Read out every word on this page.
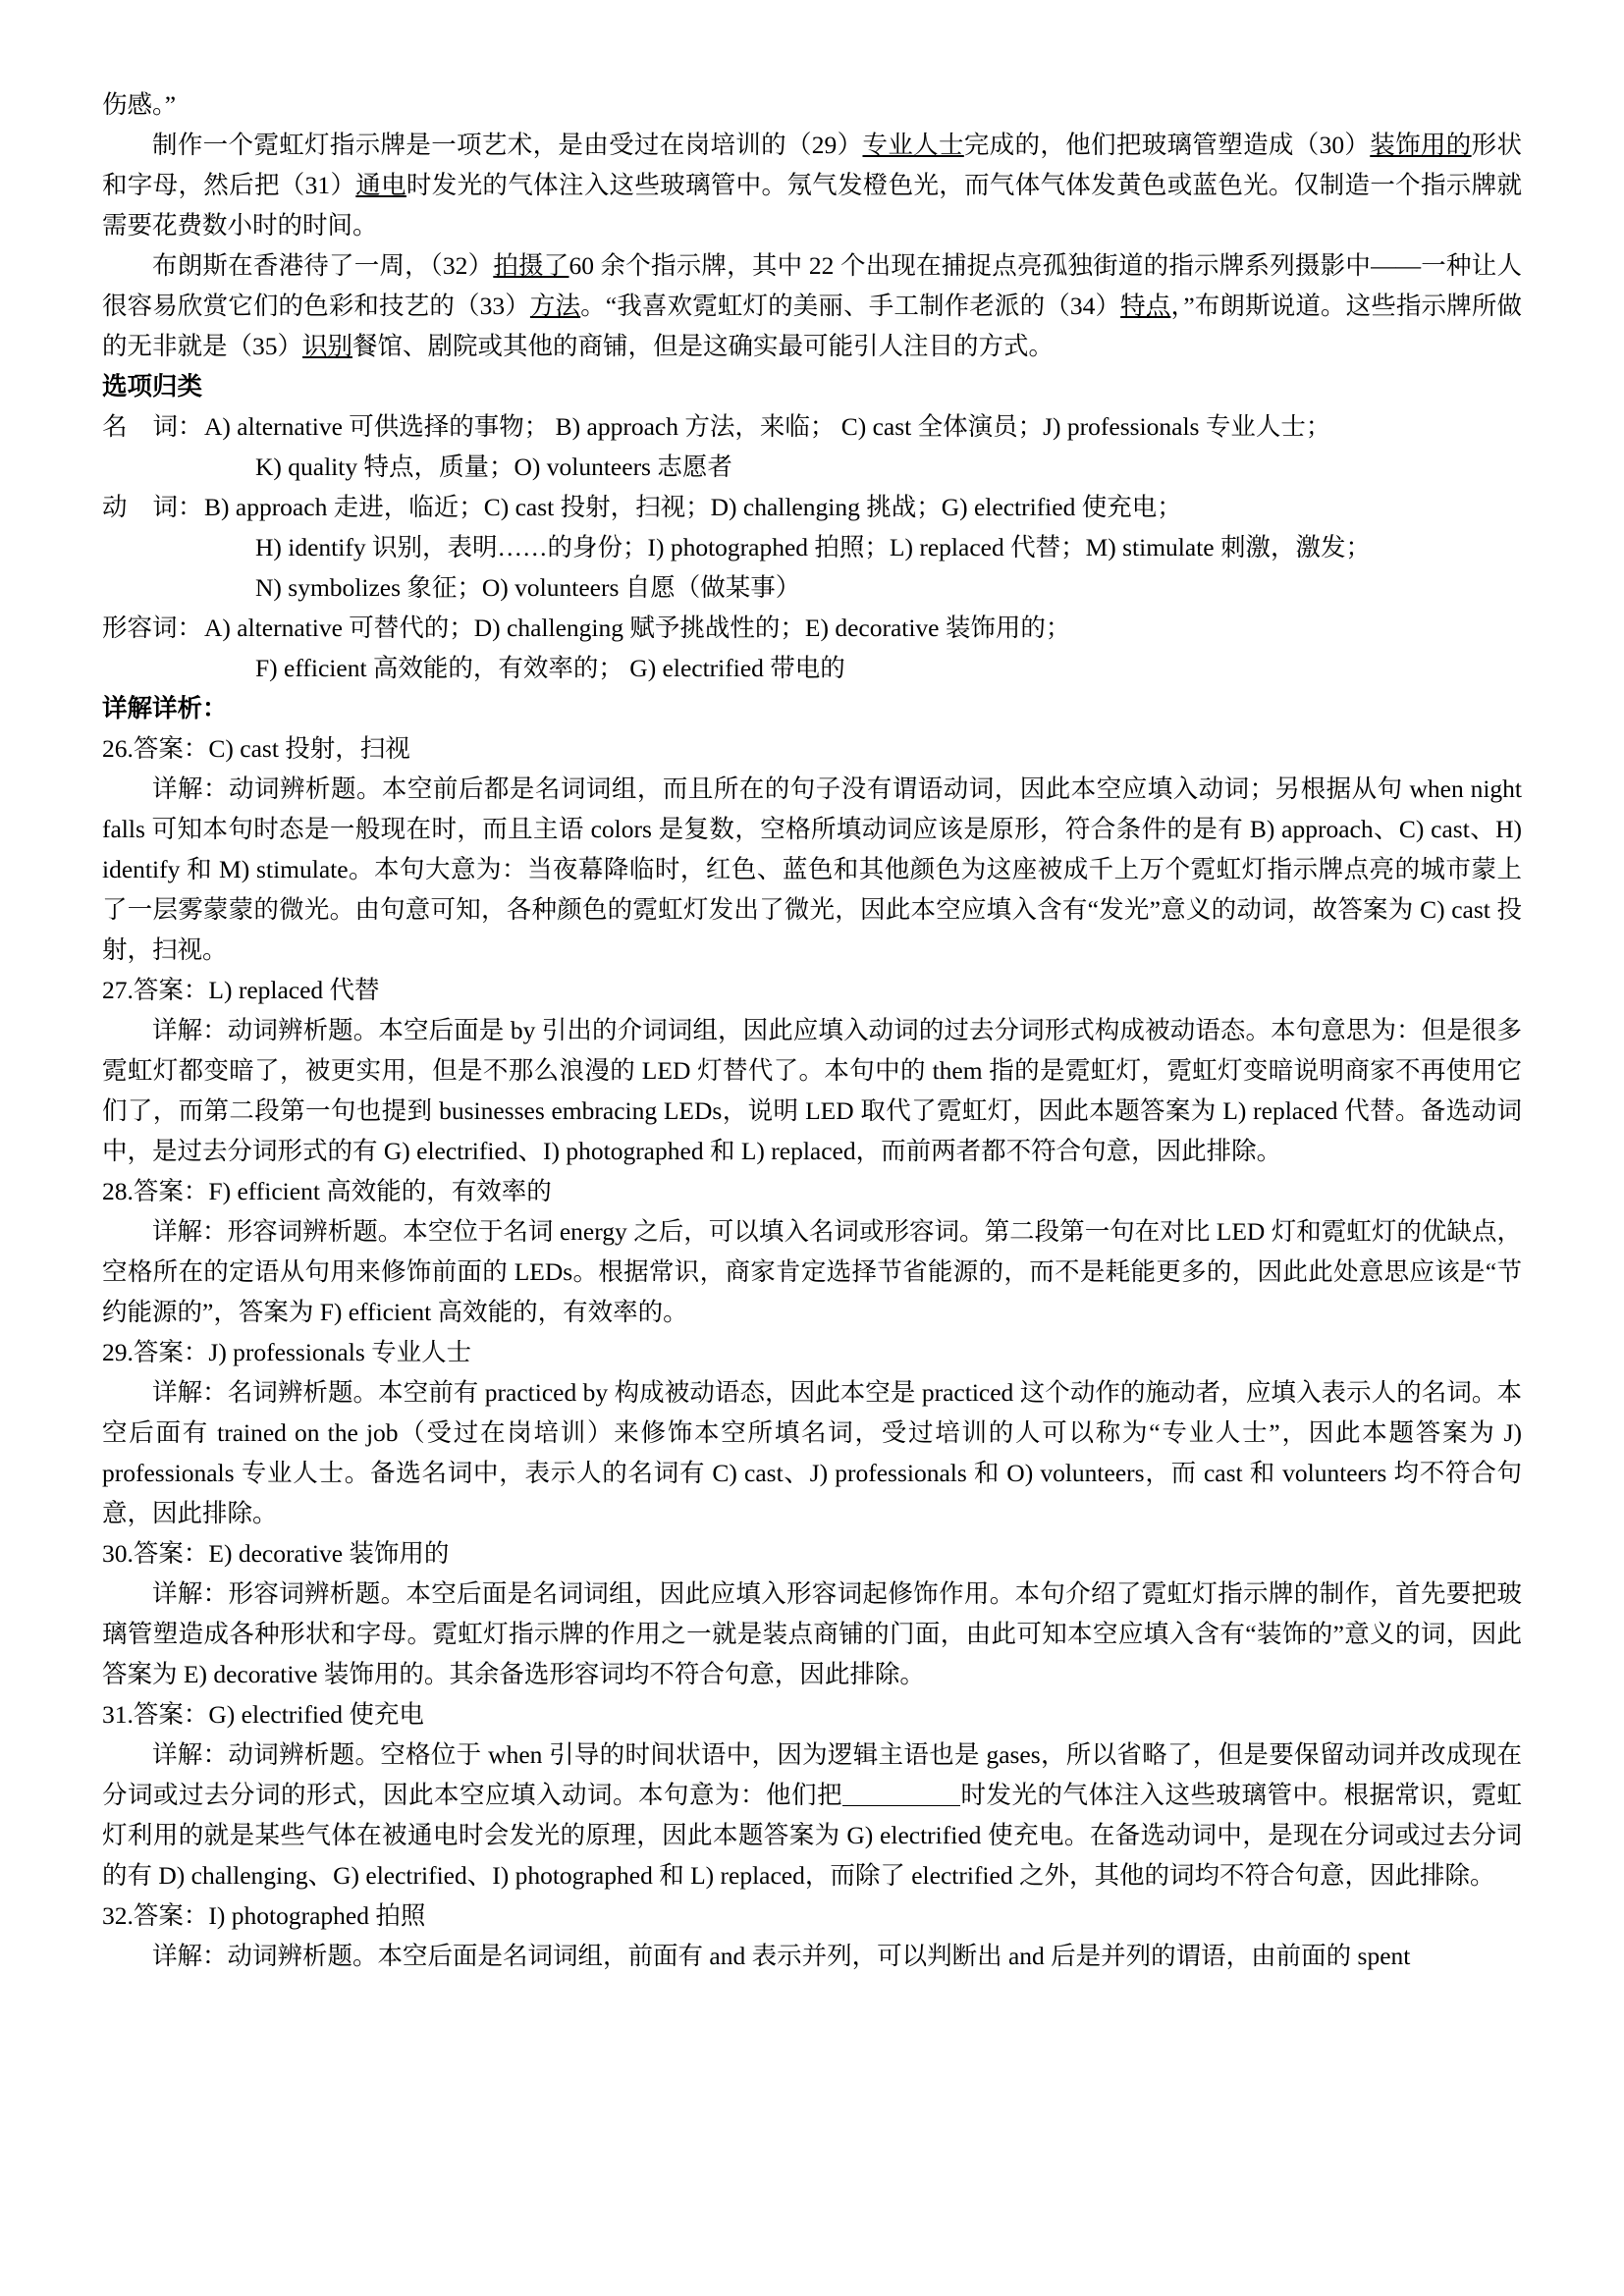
伤感。”
制作一个霓虹灯指示牌是一项艺术，是由受过在岗培训的（29）专业人士完成的，他们把玻璃管塑造成（30）装饰用的形状和字母，然后把（31）通电时发光的气体注入这些玻璃管中。氖气发橙色光，而气体气体发黄色或蓝色光。仅制造一个指示牌就需要花费数小时的时间。
布朗斯在香港待了一周，（32）拍摄了60 余个指示牌，其中 22 个出现在捕捉点亮孤独街道的指示牌系列摄影中——一种让人很容易欣赏它们的色彩和技艺的（33）方法。“我喜欢霓虹灯的美丽、手工制作老派的（34）特点，”布朗斯说道。这些指示牌所做的无非就是（35）识别餐馆、剧院或其他的商铺，但是这确实最可能引人注目的方式。
选项归类
名 词： A) alternative 可供选择的事物； B) approach 方法，来临； C) cast 全体演员；J) professionals 专业人士；
K) quality 特点，质量；O) volunteers 志愿者
动 词： B) approach 走进，临近；C) cast 投射，扫视；D) challenging 挑战；G) electrified 使充电；
H) identify 识别，表明……的身份；I) photographed 拍照；L) replaced 代替；M) stimulate 刺激，激发；
N) symbolizes 象征；O) volunteers 自愿（做某事）
形容词： A) alternative 可替代的；D) challenging 赋予挑战性的；E) decorative 装饰用的；
F) efficient 高效能的，有效率的； G) electrified 带电的
详解详析：
26.答案：C) cast 投射，扫视
详解：动词辨析题。本空前后都是名词词组，而且所在的句子没有谓语动词，因此本空应填入动词；另根据从句 when night falls 可知本句时态是一般现在时，而且主语 colors 是复数，空格所填动词应该是原形，符合条件的是有 B) approach、C) cast、H) identify 和 M) stimulate。本句大意为：当夜幕降临时，红色、蓝色和其他颜色为这座被成千上万个霓虹灯指示牌点亮的城市蒙上了一层雾蒙蒙的微光。由句意可知，各种颜色的霓虹灯发出了微光，因此本空应填入含有“发光”意义的动词，故答案为 C) cast 投射，扫视。
27.答案：L) replaced 代替
详解：动词辨析题。本空后面是 by 引出的介词词组，因此应填入动词的过去分词形式构成被动语态。本句意思为：但是很多霓虹灯都变暗了，被更实用，但是不那么浪漫的 LED 灯替代了。本句中的 them 指的是霓虹灯，霓虹灯变暗说明商家不再使用它们了，而第二段第一句也提到 businesses embracing LEDs，说明 LED 取代了霓虹灯，因此本题答案为 L) replaced 代替。备选动词中，是过去分词形式的有 G) electrified、I) photographed 和 L) replaced，而前两者都不符合句意，因此排除。
28.答案：F) efficient 高效能的，有效率的
详解：形容词辨析题。本空位于名词 energy 之后，可以填入名词或形容词。第二段第一句在对比 LED 灯和霓虹灯的优缺点，空格所在的定语从句用来修饰前面的 LEDs。根据常识，商家肯定选择节省能源的，而不是耗能更多的，因此此处意思应该是“节约能源的”，答案为 F) efficient 高效能的，有效率的。
29.答案：J) professionals 专业人士
详解：名词辨析题。本空前有 practiced by 构成被动语态，因此本空是 practiced 这个动作的施动者，应填入表示人的名词。本空后面有 trained on the job（受过在岗培训）来修饰本空所填名词，受过培训的人可以称为“专业人士”，因此本题答案为 J) professionals 专业人士。备选名词中，表示人的名词有 C) cast、J) professionals 和 O) volunteers，而 cast 和 volunteers 均不符合句意，因此排除。
30.答案：E) decorative 装饰用的
详解：形容词辨析题。本空后面是名词词组，因此应填入形容词起修饰作用。本句介绍了霓虹灯指示牌的制作，首先要把玻璃管塑造成各种形状和字母。霓虹灯指示牌的作用之一就是装点商铺的门面，由此可知本空应填入含有“装饰的”意义的词，因此答案为 E) decorative 装饰用的。其余备选形容词均不符合句意，因此排除。
31.答案：G) electrified 使充电
详解：动词辨析题。空格位于 when 引导的时间状语中，因为逻辑主语也是 gases，所以省略了，但是要保留动词并改成现在分词或过去分词的形式，因此本空应填入动词。本句意为：他们把	时发光的气体注入这些玻璃管中。根据常识，霓虹灯利用的就是某些气体在被通电时会发光的原理，因此本题答案为 G) electrified 使充电。在备选动词中，是现在分词或过去分词的有 D) challenging、G) electrified、I) photographed 和 L) replaced，而除了 electrified 之外，其他的词均不符合句意，因此排除。
32.答案：I) photographed 拍照
详解：动词辨析题。本空后面是名词词组，前面有 and 表示并列，可以判断出 and 后是并列的谓语，由前面的 spent
